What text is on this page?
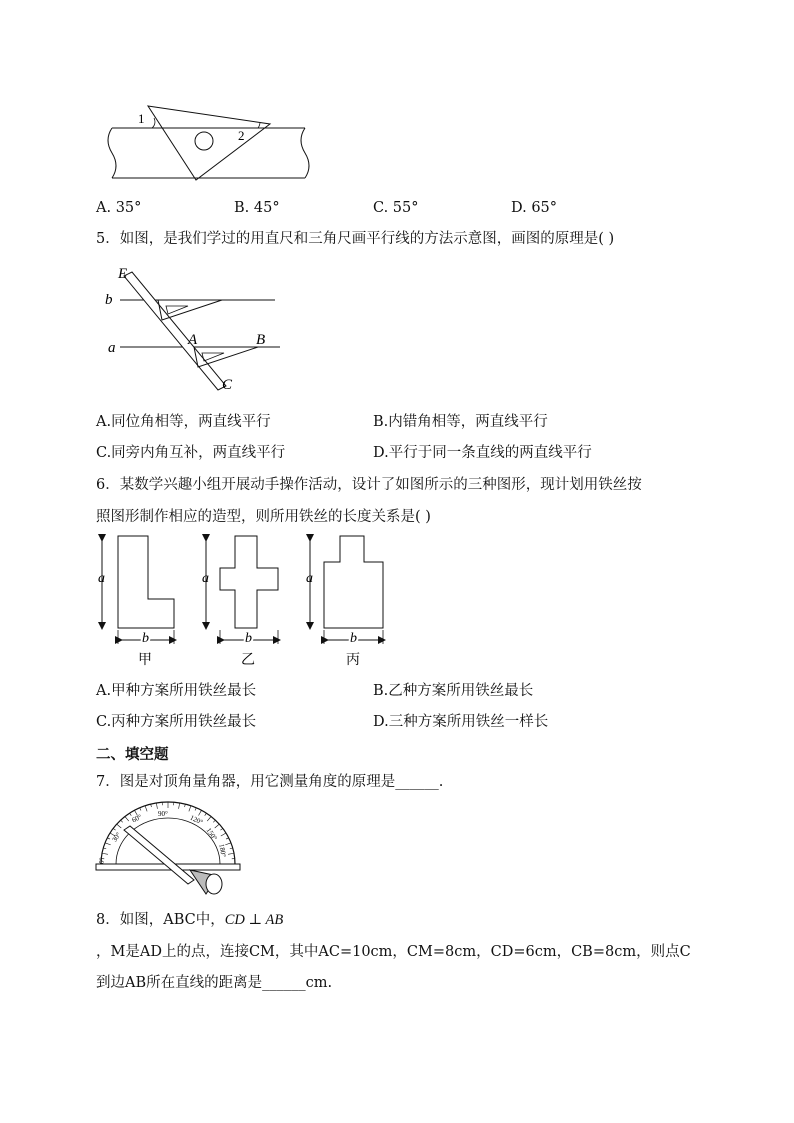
1
2
A. 35°	B. 45°	C. 55°	D. 65°
5．如图，是我们学过的用直尺和三角尺画平行线的方法示意图，画图的原理是( )
E
b
a	A	B
C
A.同位角相等，两直线平行	B.内错角相等，两直线平行
C.同旁内角互补，两直线平行	D.平行于同一条直线的两直线平行
6．某数学兴趣小组开展动手操作活动，设计了如图所示的三种图形，现计划用铁丝按
照图形制作相应的造型，则所用铁丝的长度关系是( )
a
b
甲
a
b
乙
a
b
丙
A.甲种方案所用铁丝最长	B.乙种方案所用铁丝最长
C.丙种方案所用铁丝最长	D.三种方案所用铁丝一样长
二、填空题
7．图是对顶角量角器，用它测量角度的原理是______.
0°
30°
60° 90°	120°
150°
180°
8．如图，ABC中，CD ⊥ AB
，M是AD上的点，连接CM，其中AC=10cm，CM=8cm，CD=6cm，CB=8cm，则点C
到边AB所在直线的距离是______cm.
